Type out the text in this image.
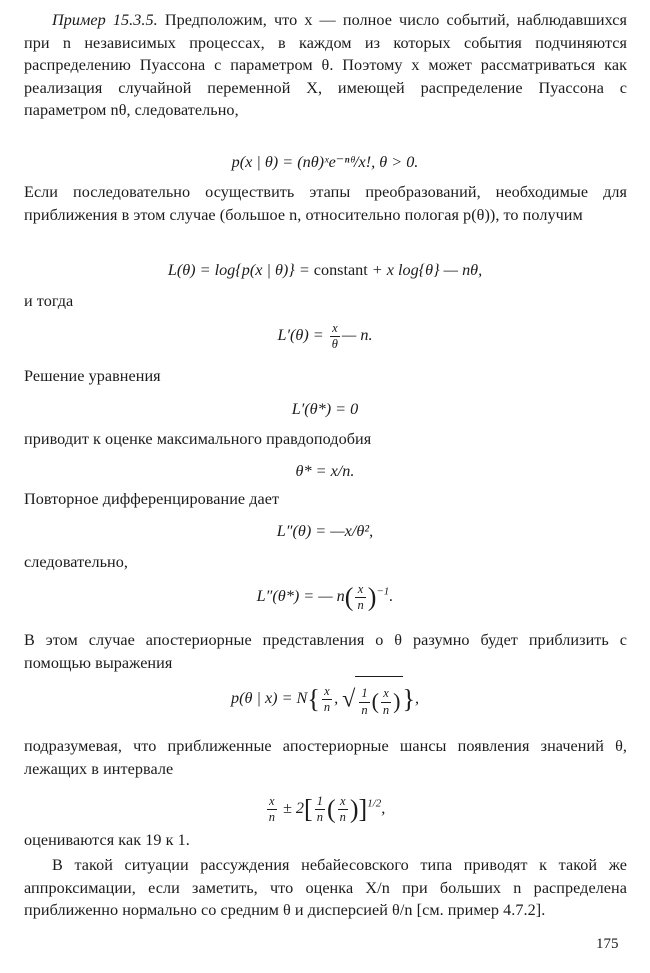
Пример 15.3.5. Предположим, что x — полное число событий, наблюдавшихся при n независимых процессах, в каждом из которых события подчиняются распределению Пуассона с параметром θ. Поэтому x может рассматриваться как реализация случайной переменной X, имеющей распределение Пуассона с параметром nθ, следовательно,

p(x | θ) = (nθ)ˣe⁻ⁿᶿ/x!, θ > 0.

Если последовательно осуществить этапы преобразований, необходимые для приближения в этом случае (большое n, относительно пологая p(θ)), то получим

L(θ) = log{p(x | θ)} = constant + x log{θ} — nθ,

и тогда

$L'(\theta) = \frac{x}{\theta}$ — n.

Решение уравнения

L′(θ*) = 0

приводит к оценке максимального правдоподобия

θ* = x/n.

Повторное дифференцирование дает

L″(θ) = —x/θ²,

следовательно,

L″(θ*) = — $n( \frac{x}{n} )^{-1}$.

В этом случае апостериорные представления о θ разумно будет приблизить с помощью выражения

p(θ | $x) = N\{ \frac{x}{n}$ , √ $\frac{1}{n}$ ( $\frac{x}{n}$ )},

подразумевая, что приближенные апостериорные шансы появления значений θ, лежащих в интервале

$\frac{x}{n} \pm 2[ \frac{1}{n}$ ( $\frac{x}{n} )]^{1/2}$,

оцениваются как 19 к 1.

В такой ситуации рассуждения небайесовского типа приводят к такой же аппроксимации, если заметить, что оценка X/n при больших n распределена приближенно нормально со средним θ и дисперсией θ/n [см. пример 4.7.2].

175
